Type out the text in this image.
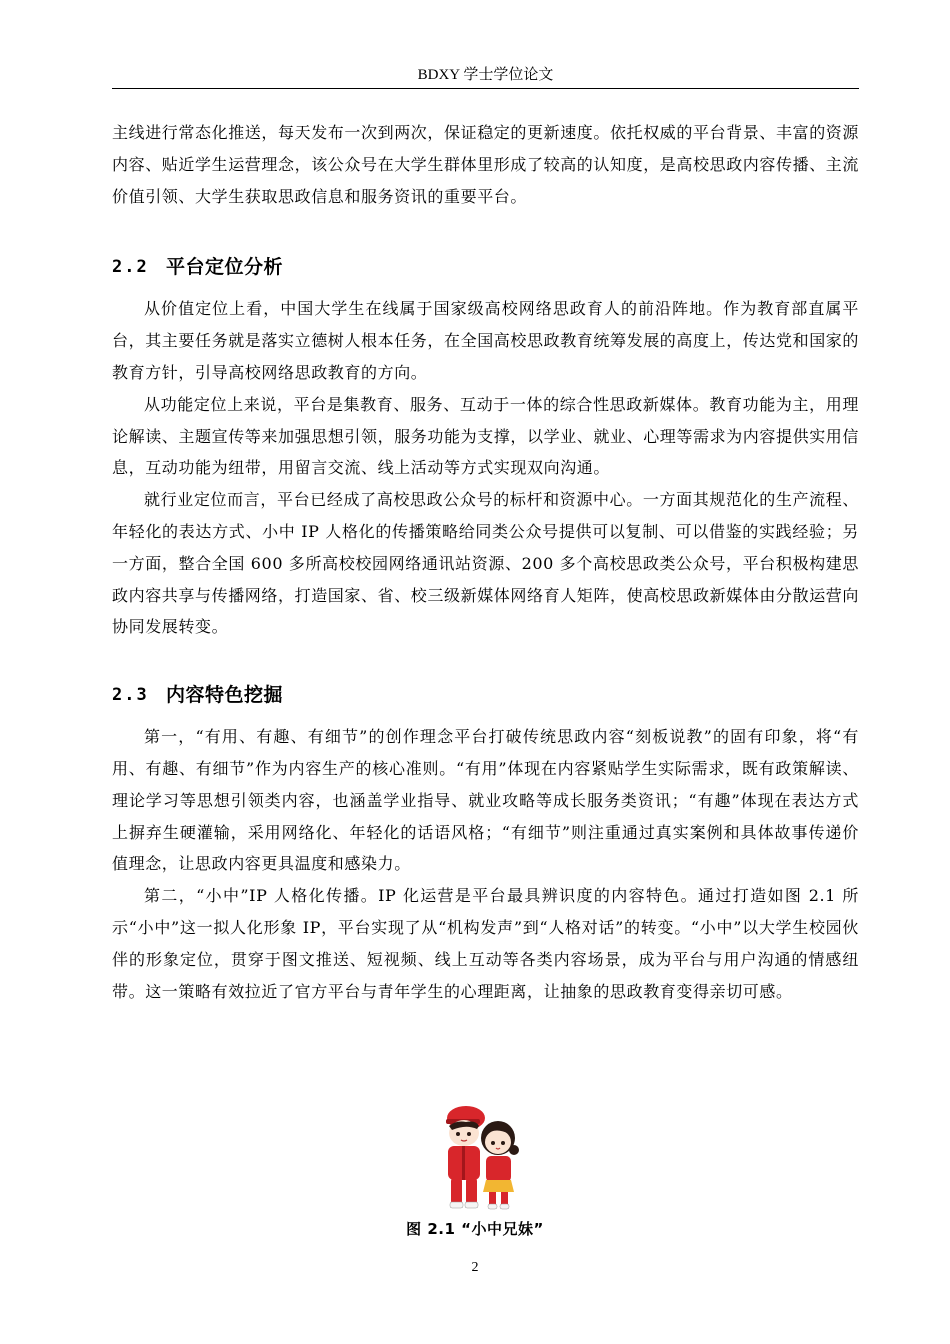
BDXY 学士学位论文

主线进行常态化推送，每天发布一次到两次，保证稳定的更新速度。依托权威的平台背景、丰富的资源内容、贴近学生运营理念，该公众号在大学生群体里形成了较高的认知度，是高校思政内容传播、主流价值引领、大学生获取思政信息和服务资讯的重要平台。

2.2 平台定位分析

从价值定位上看，中国大学生在线属于国家级高校网络思政育人的前沿阵地。作为教育部直属平台，其主要任务就是落实立德树人根本任务，在全国高校思政教育统筹发展的高度上，传达党和国家的教育方针，引导高校网络思政教育的方向。

从功能定位上来说，平台是集教育、服务、互动于一体的综合性思政新媒体。教育功能为主，用理论解读、主题宣传等来加强思想引领，服务功能为支撑，以学业、就业、心理等需求为内容提供实用信息，互动功能为纽带，用留言交流、线上活动等方式实现双向沟通。

就行业定位而言，平台已经成了高校思政公众号的标杆和资源中心。一方面其规范化的生产流程、年轻化的表达方式、小中 IP 人格化的传播策略给同类公众号提供可以复制、可以借鉴的实践经验；另一方面，整合全国 600 多所高校校园网络通讯站资源、200 多个高校思政类公众号，平台积极构建思政内容共享与传播网络，打造国家、省、校三级新媒体网络育人矩阵，使高校思政新媒体由分散运营向协同发展转变。

2.3 内容特色挖掘

第一，“有用、有趣、有细节”的创作理念平台打破传统思政内容“刻板说教”的固有印象，将“有用、有趣、有细节”作为内容生产的核心准则。“有用”体现在内容紧贴学生实际需求，既有政策解读、理论学习等思想引领类内容，也涵盖学业指导、就业攻略等成长服务类资讯；“有趣”体现在表达方式上摒弃生硬灌输，采用网络化、年轻化的话语风格；“有细节”则注重通过真实案例和具体故事传递价值理念，让思政内容更具温度和感染力。

第二，“小中”IP 人格化传播。IP 化运营是平台最具辨识度的内容特色。通过打造如图 2.1 所示“小中”这一拟人化形象 IP，平台实现了从“机构发声”到“人格对话”的转变。“小中”以大学生校园伙伴的形象定位，贯穿于图文推送、短视频、线上互动等各类内容场景，成为平台与用户沟通的情感纽带。这一策略有效拉近了官方平台与青年学生的心理距离，让抽象的思政教育变得亲切可感。

图 2.1 “小中兄妹”
2
